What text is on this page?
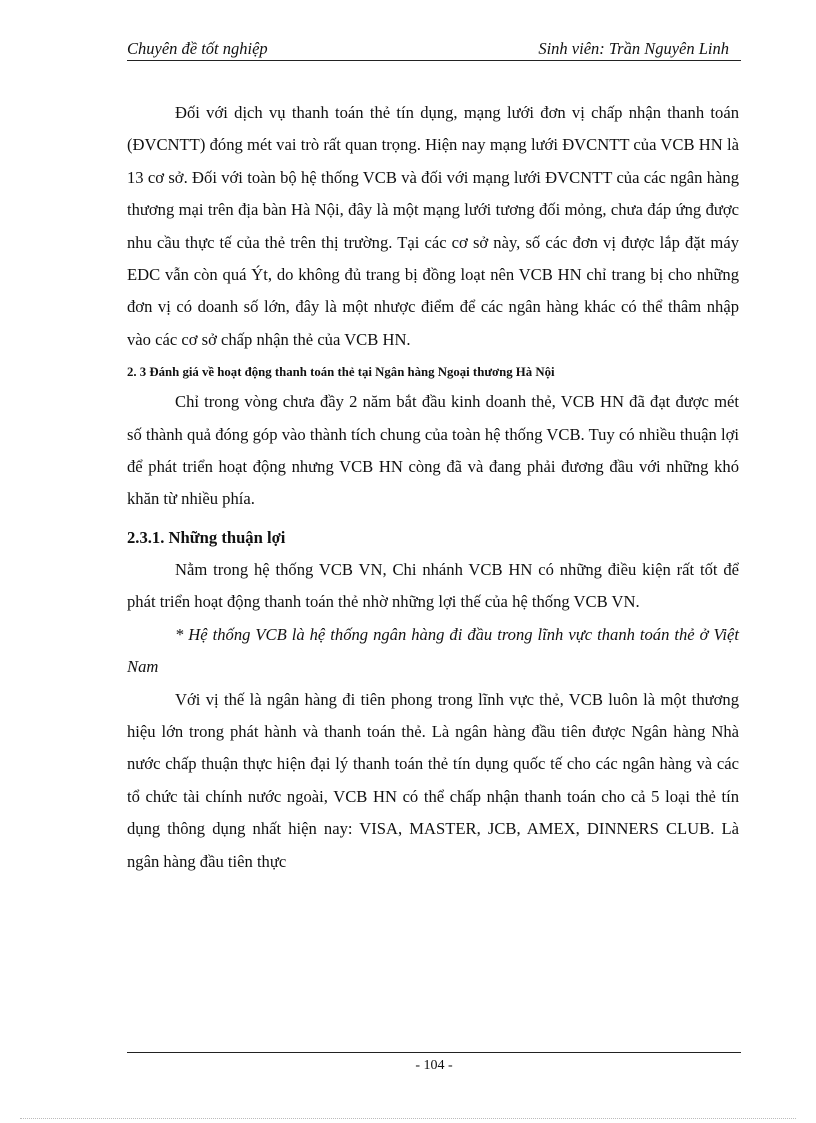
Chuyên đề tốt nghiệp	Sinh viên: Trần Nguyên Linh

Đối với dịch vụ thanh toán thẻ tín dụng, mạng lưới đơn vị chấp nhận thanh toán (ĐVCNTT) đóng mét vai trò rất quan trọng. Hiện nay mạng lưới ĐVCNTT của VCB HN là 13 cơ sở. Đối với toàn bộ hệ thống VCB và đối với mạng lưới ĐVCNTT của các ngân hàng thương mại trên địa bàn Hà Nội, đây là một mạng lưới tương đối mỏng, chưa đáp ứng được nhu cầu thực tế của thẻ trên thị trường. Tại các cơ sở này, số các đơn vị được lắp đặt máy EDC vẫn còn quá Ýt, do không đủ trang bị đồng loạt nên VCB HN chỉ trang bị cho những đơn vị có doanh số lớn, đây là một nhược điểm để các ngân hàng khác có thể thâm nhập vào các cơ sở chấp nhận thẻ của VCB HN.

2. 3 Đánh giá về hoạt động thanh toán thẻ tại Ngân hàng Ngoại thương Hà Nội

Chỉ trong vòng chưa đầy 2 năm bắt đầu kinh doanh thẻ, VCB HN đã đạt được mét số thành quả đóng góp vào thành tích chung của toàn hệ thống VCB. Tuy có nhiều thuận lợi để phát triển hoạt động nhưng VCB HN còng đã và đang phải đương đầu với những khó khăn từ nhiều phía.

2.3.1. Những thuận lợi

Nằm trong hệ thống VCB VN, Chi nhánh VCB HN có những điều kiện rất tốt để phát triển hoạt động thanh toán thẻ nhờ những lợi thế của hệ thống VCB VN.

* Hệ thống VCB là hệ thống ngân hàng đi đầu trong lĩnh vực thanh toán thẻ ở Việt Nam

Với vị thế là ngân hàng đi tiên phong trong lĩnh vực thẻ, VCB luôn là một thương hiệu lớn trong phát hành và thanh toán thẻ. Là ngân hàng đầu tiên được Ngân hàng Nhà nước chấp thuận thực hiện đại lý thanh toán thẻ tín dụng quốc tế cho các ngân hàng và các tổ chức tài chính nước ngoài, VCB HN có thể chấp nhận thanh toán cho cả 5 loại thẻ tín dụng thông dụng nhất hiện nay: VISA, MASTER, JCB, AMEX, DINNERS CLUB. Là ngân hàng đầu tiên thực

- 104 -
